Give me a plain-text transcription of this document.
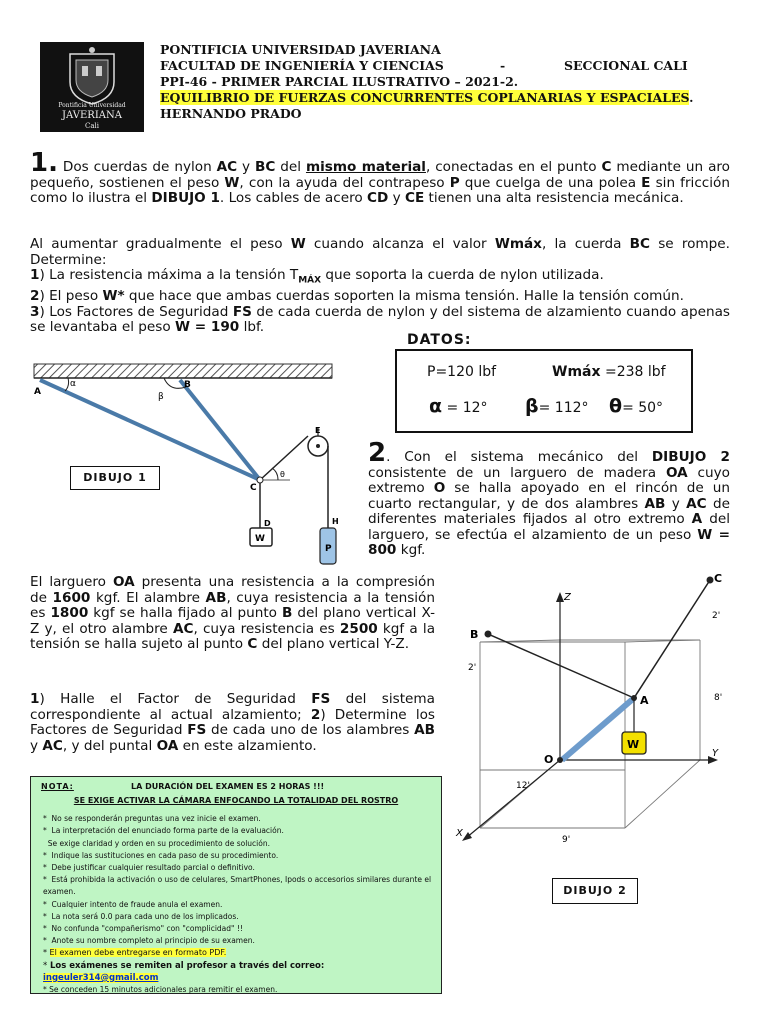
Pontificia Universidad
JAVERIANA
Cali
PONTIFICIA UNIVERSIDAD JAVERIANA
FACULTAD DE INGENIERÍA Y CIENCIAS	-	SECCIONAL CALI
PPI-46 - PRIMER PARCIAL ILUSTRATIVO – 2021-2.
EQUILIBRIO DE FUERZAS CONCURRENTES COPLANARIAS Y ESPACIALES.
HERNANDO PRADO
1. Dos cuerdas de nylon AC y BC del mismo material, conectadas en el punto C mediante un aro pequeño, sostienen el peso W, con la ayuda del contrapeso P que cuelga de una polea E sin fricción como lo ilustra el DIBUJO 1. Los cables de acero CD y CE tienen una alta resistencia mecánica.
Al aumentar gradualmente el peso W cuando alcanza el valor Wmáx, la cuerda BC se rompe. Determine:
1) La resistencia máxima a la tensión $T_{MÁX}$ que soporta la cuerda de nylon utilizada.
2) El peso W* que hace que ambas cuerdas soporten la misma tensión. Halle la tensión común.
3) Los Factores de Seguridad FS de cada cuerda de nylon y del sistema de alzamiento cuando apenas se levantaba el peso W = 190 lbf.
DATOS:
P=120 lbf	Wmáx =238 lbf
α = 12° β= 112° θ= 50°
A
B
α
β
C
D
E
H
θ
W
P
DIBUJO 1
2. Con el sistema mecánico del DIBUJO 2 consistente de un larguero de madera OA cuyo extremo O se halla apoyado en el rincón de un cuarto rectangular, y de dos alambres AB y AC de diferentes materiales fijados al otro extremo A del larguero, se efectúa el alzamiento de un peso W = 800 kgf.
El larguero OA presenta una resistencia a la compresión de 1600 kgf. El alambre AB, cuya resistencia a la tensión es 1800 kgf se halla fijado al punto B del plano vertical X-Z y, el otro alambre AC, cuya resistencia es 2500 kgf a la tensión se halla sujeto al punto C del plano vertical Y-Z.
1) Halle el Factor de Seguridad FS del sistema correspondiente al actual alzamiento; 2) Determine los Factores de Seguridad FS de cada uno de los alambres AB y AC, y del puntal OA en este alzamiento.
Z
Y
X
O
A
B
C
W
2'
2'
8'
12'
9'
DIBUJO 2
NOTA:	LA DURACIÓN DEL EXAMEN ES 2 HORAS !!!
SE EXIGE ACTIVAR LA CÁMARA ENFOCANDO LA TOTALIDAD DEL ROSTRO
*  No se responderán preguntas una vez inicie el examen.
*  La interpretación del enunciado forma parte de la evaluación.
Se exige claridad y orden en su procedimiento de solución.
*  Indique las sustituciones en cada paso de su procedimiento.
*  Debe justificar cualquier resultado parcial o definitivo.
*  Está prohibida la activación o uso de celulares, SmartPhones, Ipods o accesorios similares durante el examen.
*  Cualquier intento de fraude anula el examen.
*  La nota será 0.0 para cada uno de los implicados.
*  No confunda "compañerismo" con "complicidad" !!
*  Anote su nombre completo al principio de su examen.
* El examen debe entregarse en formato PDF.
* Los exámenes se remiten al profesor a través del correo: ingeuler314@gmail.com
* Se conceden 15 minutos adicionales para remitir el examen.
